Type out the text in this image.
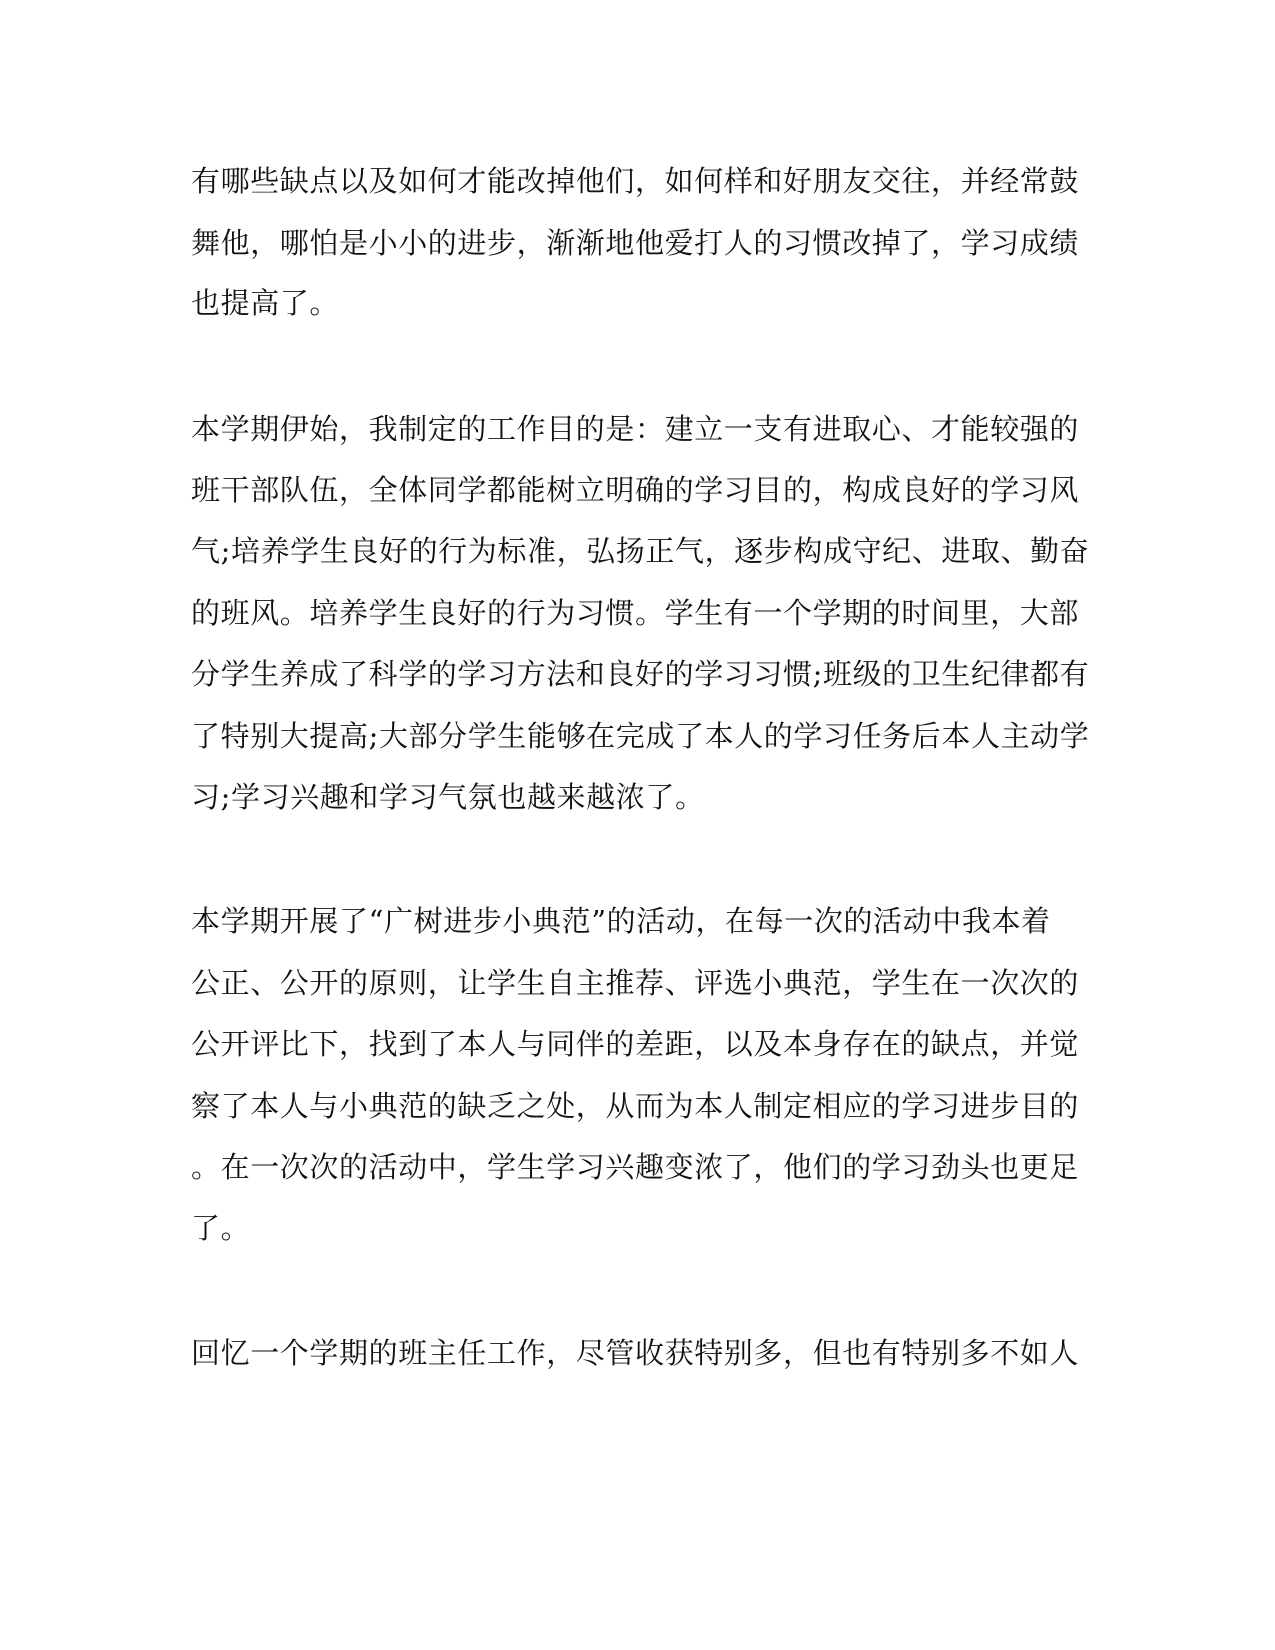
有哪些缺点以及如何才能改掉他们，如何样和好朋友交往，并经常鼓
舞他，哪怕是小小的进步，渐渐地他爱打人的习惯改掉了，学习成绩
也提高了。
本学期伊始，我制定的工作目的是：建立一支有进取心、才能较强的
班干部队伍，全体同学都能树立明确的学习目的，构成良好的学习风
气;培养学生良好的行为标准，弘扬正气，逐步构成守纪、进取、勤奋
的班风。培养学生良好的行为习惯。学生有一个学期的时间里，大部
分学生养成了科学的学习方法和良好的学习习惯;班级的卫生纪律都有
了特别大提高;大部分学生能够在完成了本人的学习任务后本人主动学
习;学习兴趣和学习气氛也越来越浓了。
本学期开展了“广树进步小典范”的活动，在每一次的活动中我本着
公正、公开的原则，让学生自主推荐、评选小典范，学生在一次次的
公开评比下，找到了本人与同伴的差距，以及本身存在的缺点，并觉
察了本人与小典范的缺乏之处，从而为本人制定相应的学习进步目的
。在一次次的活动中，学生学习兴趣变浓了，他们的学习劲头也更足
了。
回忆一个学期的班主任工作，尽管收获特别多，但也有特别多不如人
